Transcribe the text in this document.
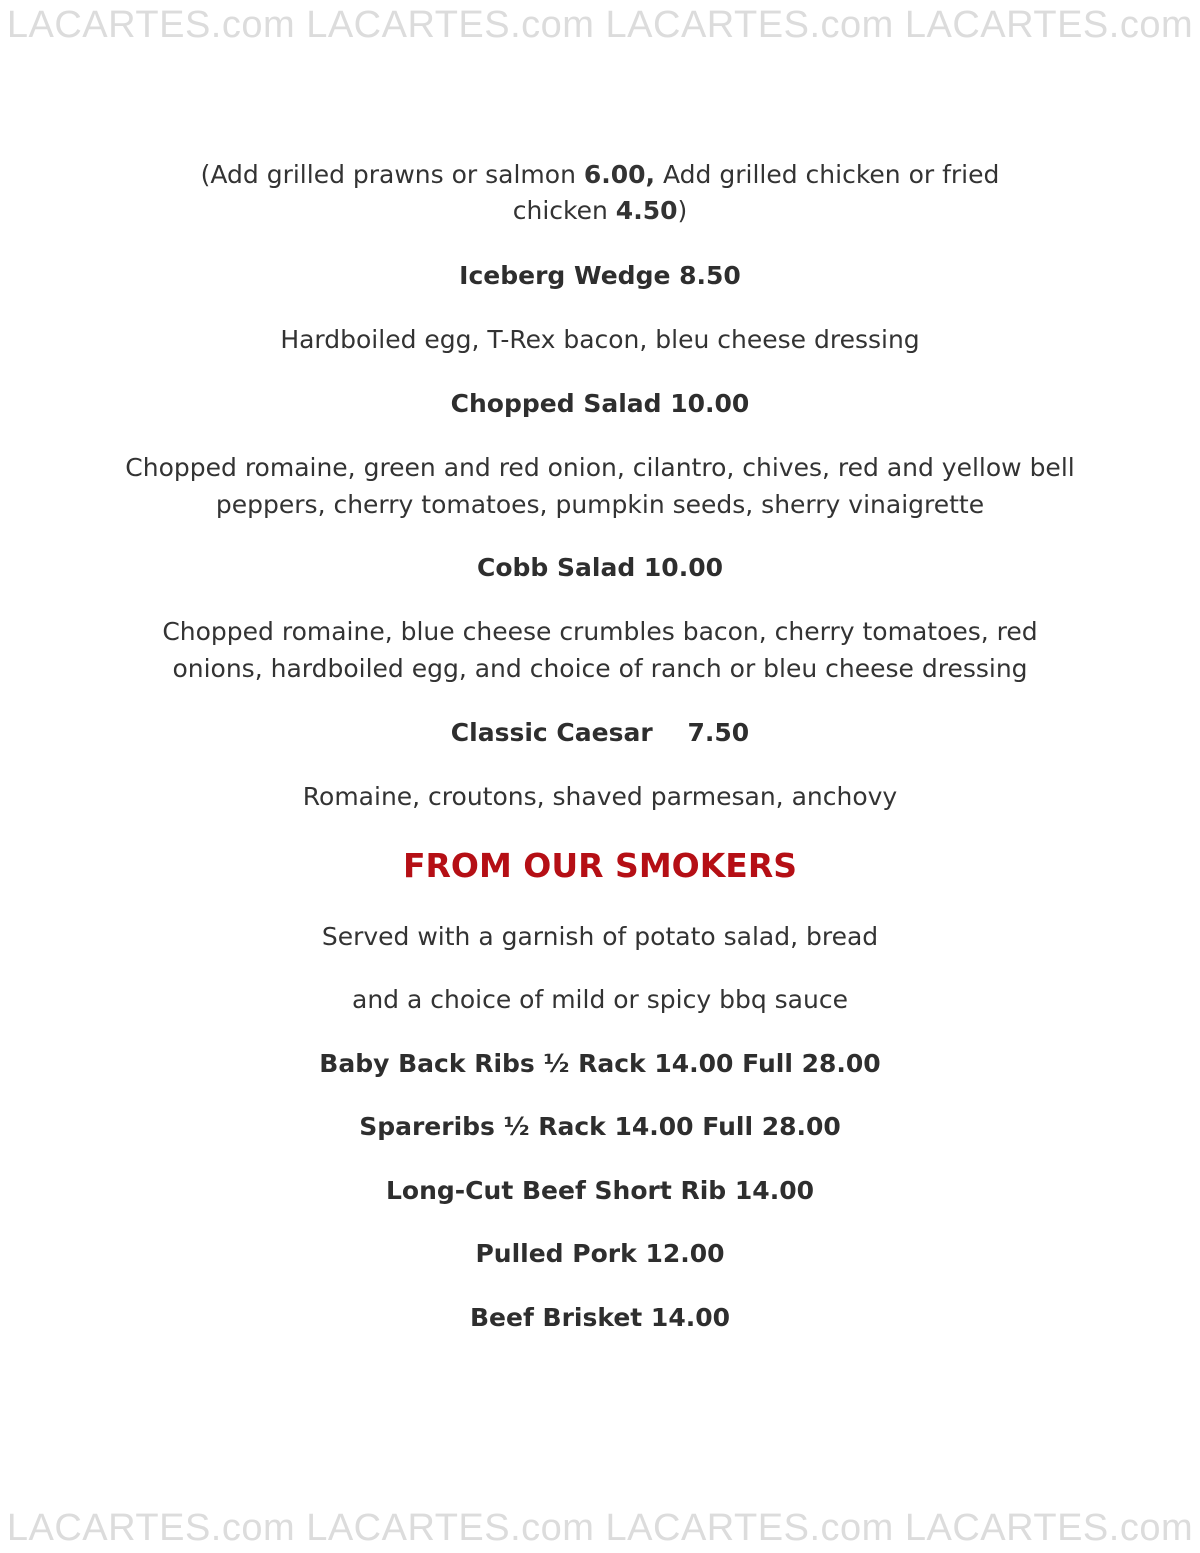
LACARTES.com LACARTES.com LACARTES.com LACARTES.com
(Add grilled prawns or salmon 6.00, Add grilled chicken or fried
chicken 4.50)
Iceberg Wedge 8.50
Hardboiled egg, T-Rex bacon, bleu cheese dressing
Chopped Salad 10.00
Chopped romaine, green and red onion, cilantro, chives, red and yellow bell
peppers, cherry tomatoes, pumpkin seeds, sherry vinaigrette
Cobb Salad 10.00
Chopped romaine, blue cheese crumbles bacon, cherry tomatoes, red
onions, hardboiled egg, and choice of ranch or bleu cheese dressing
Classic Caesar    7.50
Romaine, croutons, shaved parmesan, anchovy
FROM OUR SMOKERS
Served with a garnish of potato salad, bread
and a choice of mild or spicy bbq sauce
Baby Back Ribs ½ Rack 14.00 Full 28.00
Spareribs ½ Rack 14.00 Full 28.00
Long-Cut Beef Short Rib 14.00
Pulled Pork 12.00
Beef Brisket 14.00
LACARTES.com LACARTES.com LACARTES.com LACARTES.com
